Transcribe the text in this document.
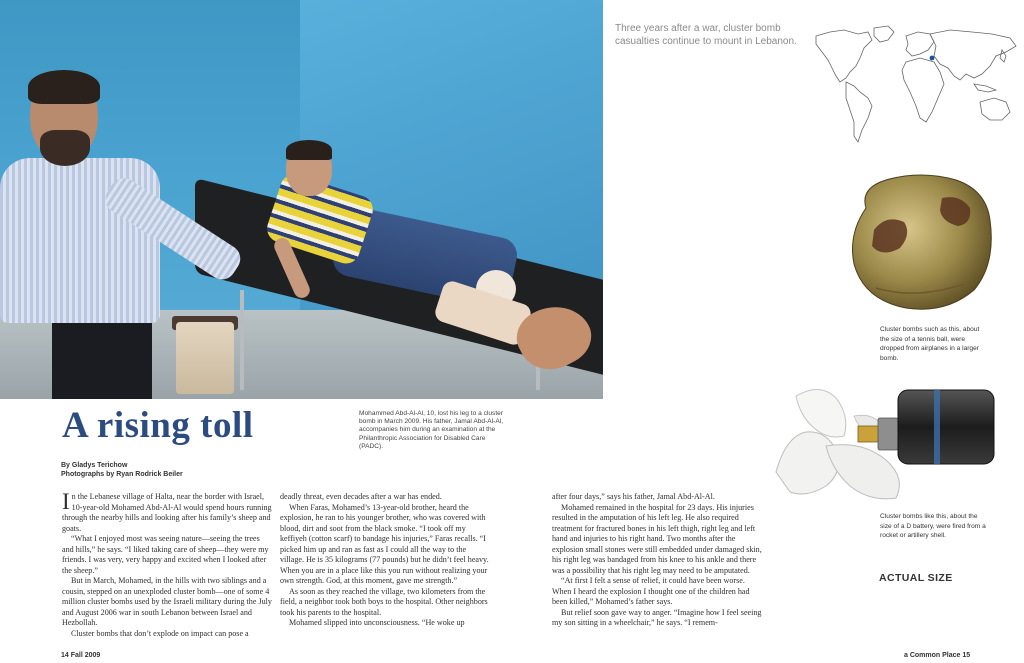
A rising toll	Mohammed Abd-Al-Al, 10, lost his leg to a cluster bomb in March 2009. His father, Jamal Abd-Al-Al, accompanies him during an examination at the Philanthropic Association for Disabled Care (PADC).
By Gladys Terichow
Photographs by Ryan Rodrick Beiler

In the Lebanese village of Halta, near the border with Israel, 10-year-old Mohamed Abd-Al-Al would spend hours running through the nearby hills and looking after his family’s sheep and goats.

“What I enjoyed most was seeing nature—seeing the trees and hills,” he says. “I liked taking care of sheep—they were my friends. I was very, very happy and excited when I looked after the sheep.”

But in March, Mohamed, in the hills with two siblings and a cousin, stepped on an unexploded cluster bomb—one of some 4 million cluster bombs used by the Israeli military during the July and August 2006 war in south Lebanon between Israel and Hezbollah.

Cluster bombs that don’t explode on impact can pose a

deadly threat, even decades after a war has ended.

When Faras, Mohamed’s 13-year-old brother, heard the explosion, he ran to his younger brother, who was covered with blood, dirt and soot from the black smoke. “I took off my keffiyeh (cotton scarf) to bandage his injuries,” Faras recalls. “I picked him up and ran as fast as I could all the way to the village. He is 35 kilograms (77 pounds) but he didn’t feel heavy. When you are in a place like this you run without realizing your own strength. God, at this moment, gave me strength.”

As soon as they reached the village, two kilometers from the field, a neighbor took both boys to the hospital. Other neighbors took his parents to the hospital.

Mohamed slipped into unconsciousness. “He woke up

after four days,” says his father, Jamal Abd-Al-Al.

Mohamed remained in the hospital for 23 days. His injuries resulted in the amputation of his left leg. He also required treatment for fractured bones in his left thigh, right leg and left hand and injuries to his right hand. Two months after the explosion small stones were still embedded under damaged skin, his right leg was bandaged from his knee to his ankle and there was a possibility that his right leg may need to be amputated.

“At first I felt a sense of relief, it could have been worse. When I heard the explosion I thought one of the children had been killed,” Mohamed’s father says.

But relief soon gave way to anger. “Imagine how I feel seeing my son sitting in a wheelchair,” he says. “I remem-

Three years after a war, cluster bomb casualties continue to mount in Lebanon.
Cluster bombs such as this, about the size of a tennis ball, were dropped from airplanes in a larger bomb.
Cluster bombs like this, about the size of a D battery, were fired from a rocket or artillery shell.
ACTUAL SIZE
14 Fall 2009	a Common Place 15
